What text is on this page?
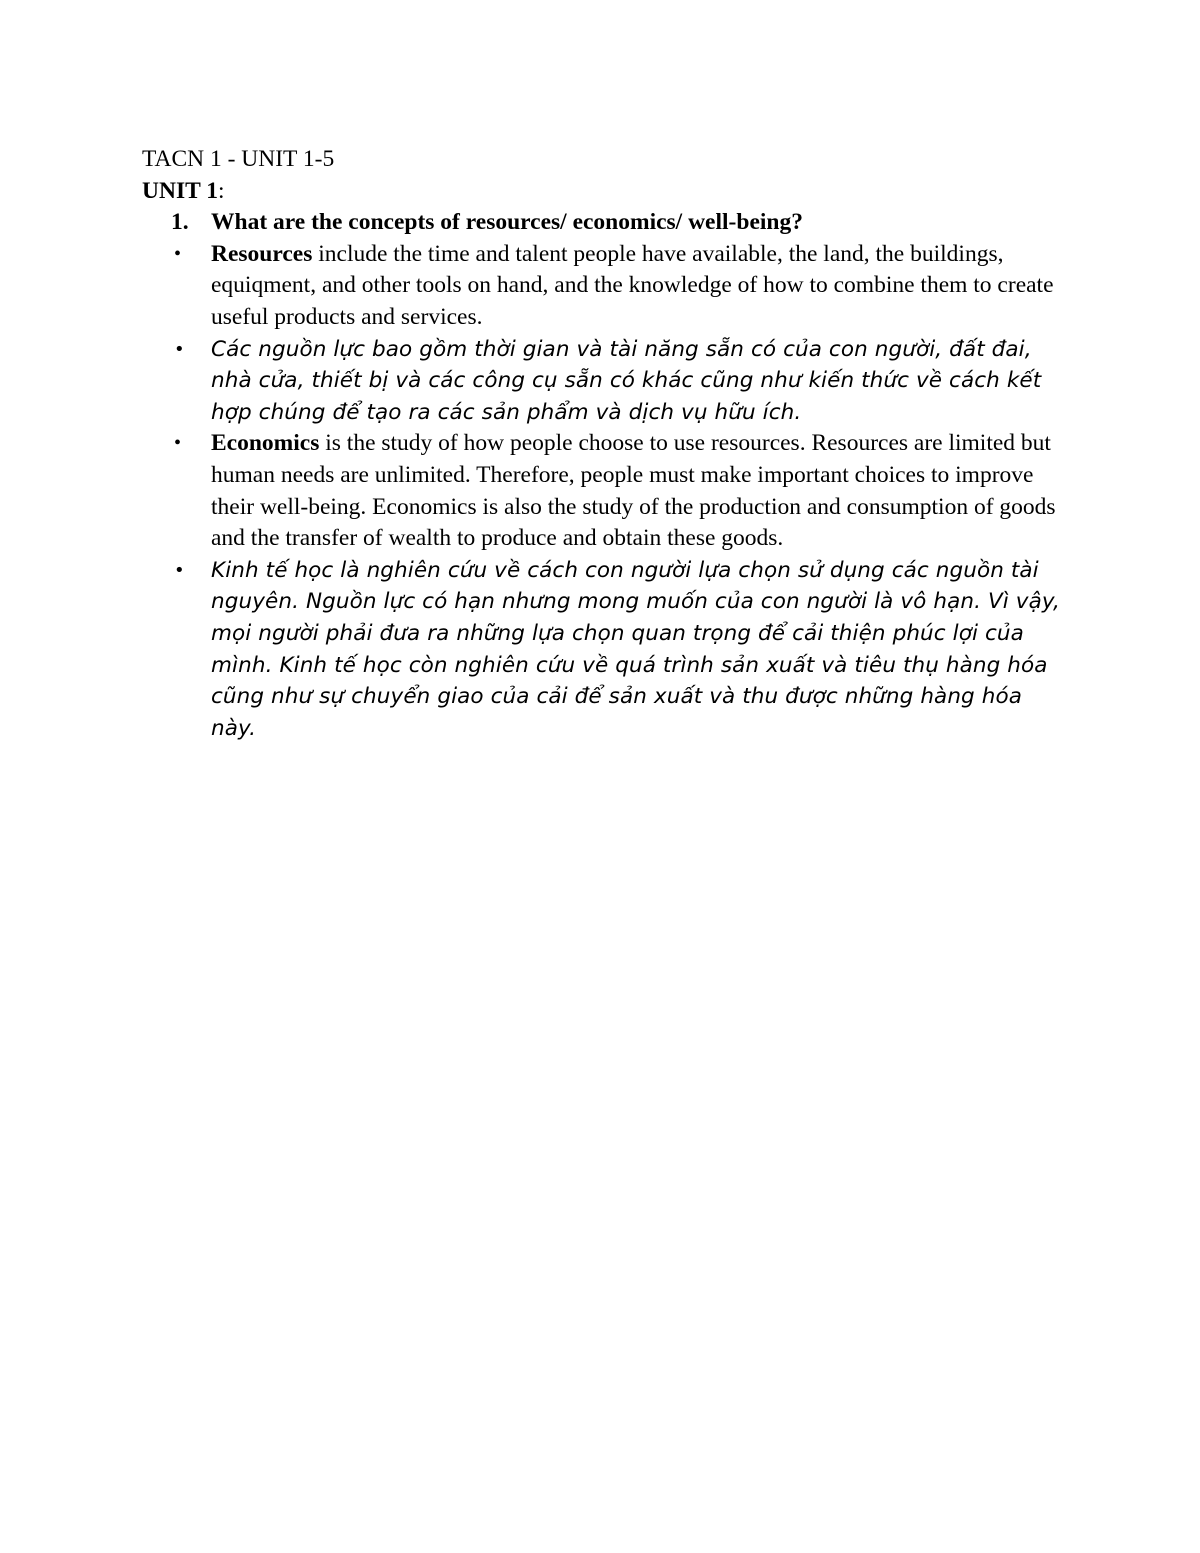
TACN 1 - UNIT 1-5

UNIT 1:

1. What are the concepts of resources/ economics/ well-being?
• Resources include the time and talent people have available, the land, the buildings, equiqment, and other tools on hand, and the knowledge of how to combine them to create useful products and services.
• Các nguồn lực bao gồm thời gian và tài năng sẵn có của con người, đất đai, nhà cửa, thiết bị và các công cụ sẵn có khác cũng như kiến thức về cách kết hợp chúng để tạo ra các sản phẩm và dịch vụ hữu ích.
• Economics is the study of how people choose to use resources. Resources are limited but human needs are unlimited. Therefore, people must make important choices to improve their well-being. Economics is also the study of the production and consumption of goods and the transfer of wealth to produce and obtain these goods.
• Kinh tế học là nghiên cứu về cách con người lựa chọn sử dụng các nguồn tài nguyên. Nguồn lực có hạn nhưng mong muốn của con người là vô hạn. Vì vậy, mọi người phải đưa ra những lựa chọn quan trọng để cải thiện phúc lợi của mình. Kinh tế học còn nghiên cứu về quá trình sản xuất và tiêu thụ hàng hóa cũng như sự chuyển giao của cải để sản xuất và thu được những hàng hóa này.
